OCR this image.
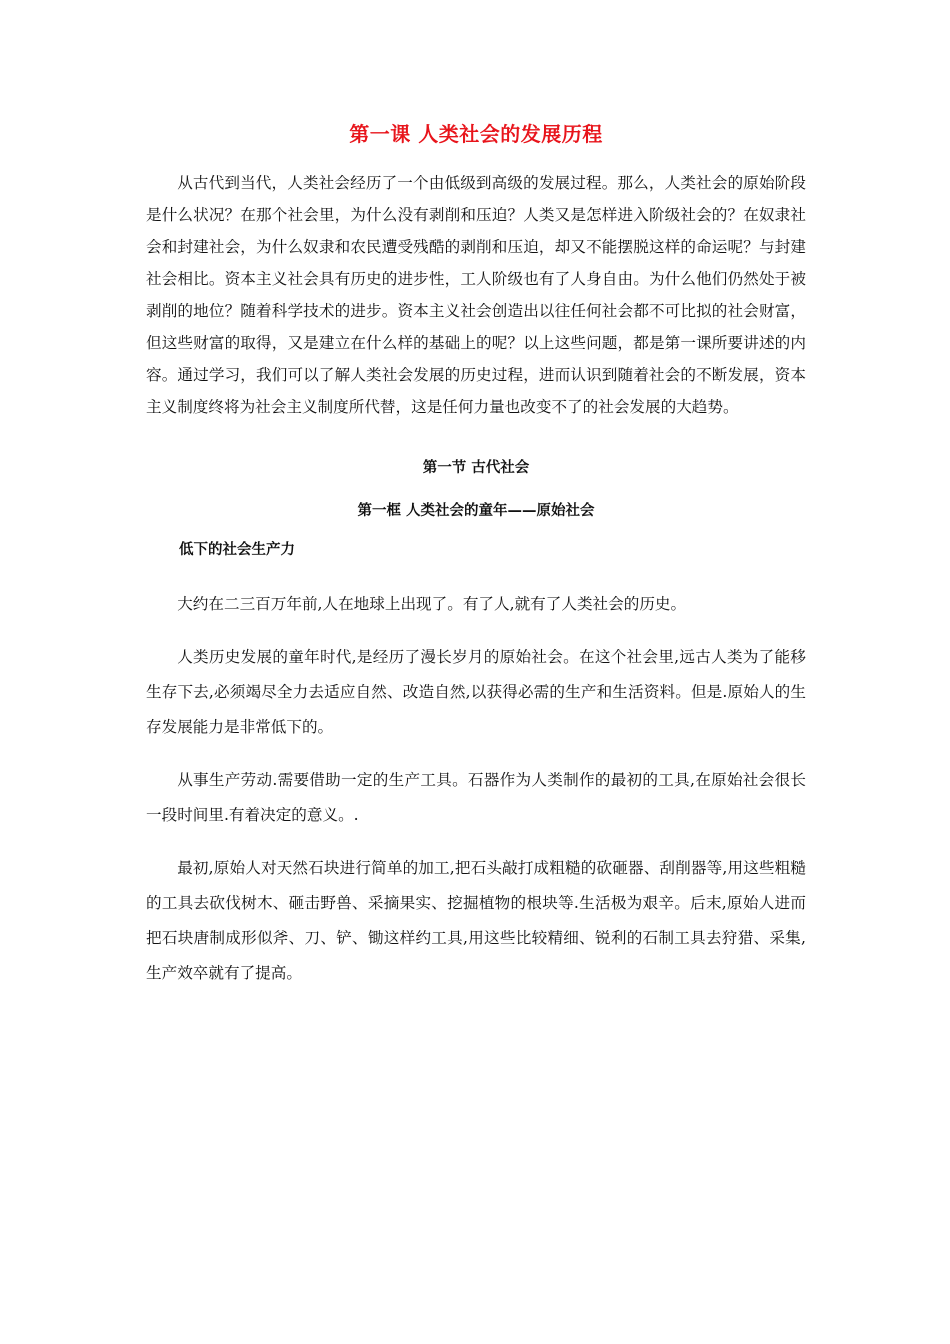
第一课 人类社会的发展历程

从古代到当代，人类社会经历了一个由低级到高级的发展过程。那么，人类社会的原始阶段是什么状况？在那个社会里，为什么没有剥削和压迫？人类又是怎样进入阶级社会的？在奴隶社会和封建社会，为什么奴隶和农民遭受残酷的剥削和压迫，却又不能摆脱这样的命运呢？与封建社会相比。资本主义社会具有历史的进步性，工人阶级也有了人身自由。为什么他们仍然处于被剥削的地位？随着科学技术的进步。资本主义社会创造出以往任何社会都不可比拟的社会财富，但这些财富的取得，又是建立在什么样的基础上的呢？以上这些问题，都是第一课所要讲述的内容。通过学习，我们可以了解人类社会发展的历史过程，进而认识到随着社会的不断发展，资本主义制度终将为社会主义制度所代替，这是任何力量也改变不了的社会发展的大趋势。

第一节 古代社会
第一框 人类社会的童年——原始社会
低下的社会生产力

大约在二三百万年前,人在地球上出现了。有了人,就有了人类社会的历史。

人类历史发展的童年时代,是经历了漫长岁月的原始社会。在这个社会里,远古人类为了能移生存下去,必须竭尽全力去适应自然、改造自然,以获得必需的生产和生活资料。但是.原始人的生存发展能力是非常低下的。

从事生产劳动.需要借助一定的生产工具。石器作为人类制作的最初的工具,在原始社会很长一段时间里.有着决定的意义。.

最初,原始人对天然石块进行简单的加工,把石头敲打成粗糙的砍砸器、刮削器等,用这些粗糙的工具去砍伐树木、砸击野兽、采摘果实、挖掘植物的根块等.生活极为艰辛。后末,原始人进而把石块唐制成形似斧、刀、铲、锄这样约工具,用这些比较精细、锐利的石制工具去狩猎、采集,生产效卒就有了提高。
